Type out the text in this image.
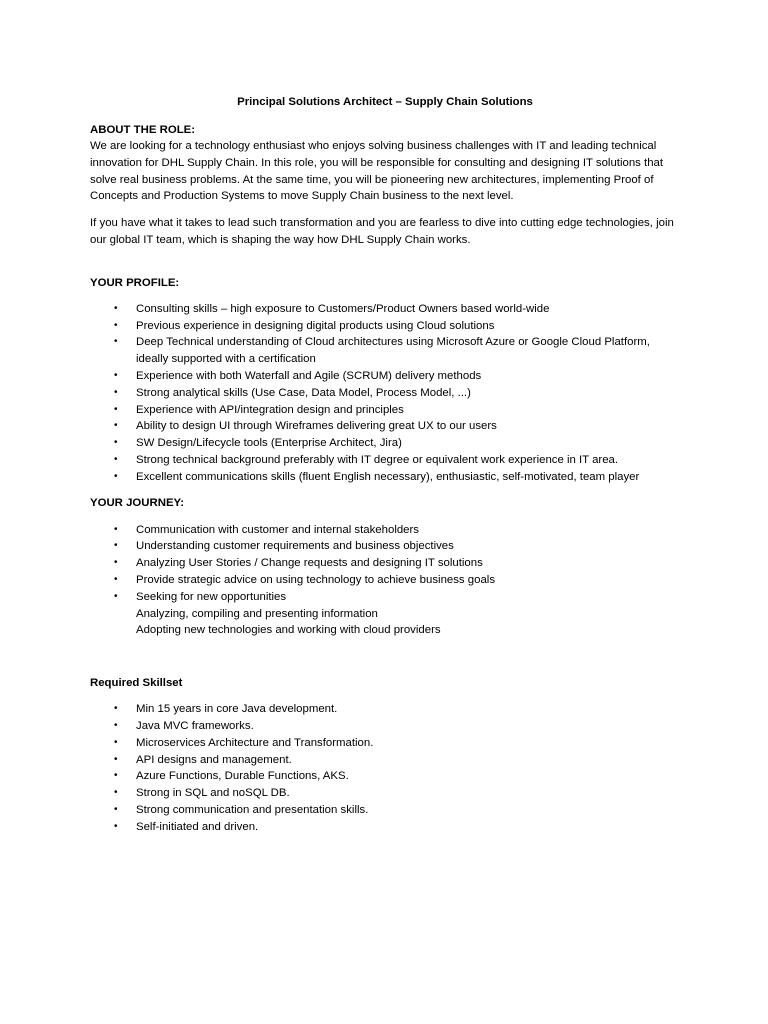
Principal Solutions Architect – Supply Chain Solutions

ABOUT THE ROLE:

We are looking for a technology enthusiast who enjoys solving business challenges with IT and leading technical
innovation for DHL Supply Chain. In this role, you will be responsible for consulting and designing IT solutions that
solve real business problems. At the same time, you will be pioneering new architectures, implementing Proof of
Concepts and Production Systems to move Supply Chain business to the next level.
If you have what it takes to lead such transformation and you are fearless to dive into cutting edge technologies, join
our global IT team, which is shaping the way how DHL Supply Chain works.

YOUR PROFILE:

• Consulting skills – high exposure to Customers/Product Owners based world-wide
• Previous experience in designing digital products using Cloud solutions
• Deep Technical understanding of Cloud architectures using Microsoft Azure or Google Cloud Platform,
ideally supported with a certification
• Experience with both Waterfall and Agile (SCRUM) delivery methods
• Strong analytical skills (Use Case, Data Model, Process Model, ...)
• Experience with API/integration design and principles
• Ability to design UI through Wireframes delivering great UX to our users
• SW Design/Lifecycle tools (Enterprise Architect, Jira)
• Strong technical background preferably with IT degree or equivalent work experience in IT area.
• Excellent communications skills (fluent English necessary), enthusiastic, self-motivated, team player

YOUR JOURNEY:

• Communication with customer and internal stakeholders
• Understanding customer requirements and business objectives
• Analyzing User Stories / Change requests and designing IT solutions
• Provide strategic advice on using technology to achieve business goals
• Seeking for new opportunities
Analyzing, compiling and presenting information
Adopting new technologies and working with cloud providers

Required Skillset

• Min 15 years in core Java development.
• Java MVC frameworks.
• Microservices Architecture and Transformation.
• API designs and management.
• Azure Functions, Durable Functions, AKS.
• Strong in SQL and noSQL DB.
• Strong communication and presentation skills.
• Self-initiated and driven.
